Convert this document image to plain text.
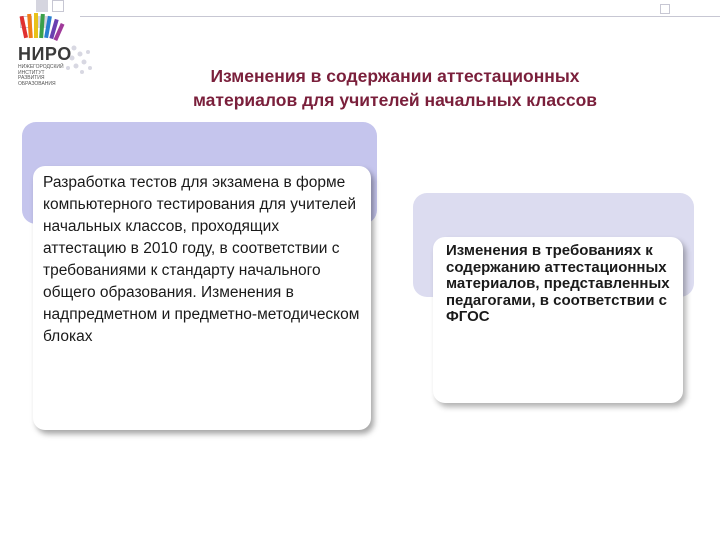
НИРО
НИЖЕГОРОДСКИЙ ИНСТИТУТ РАЗВИТИЯ ОБРАЗОВАНИЯ	Изменения в содержании аттестационных
материалов для учителей начальных классов

Разработка тестов для экзамена в форме компьютерного тестирования для учителей начальных классов, проходящих аттестацию в 2010 году, в соответствии с требованиями к стандарту начального общего образования. Изменения в надпредметном и предметно-методическом блоках

Изменения в требованиях к содержанию аттестационных материалов, представленных педагогами, в соответствии с ФГОС
